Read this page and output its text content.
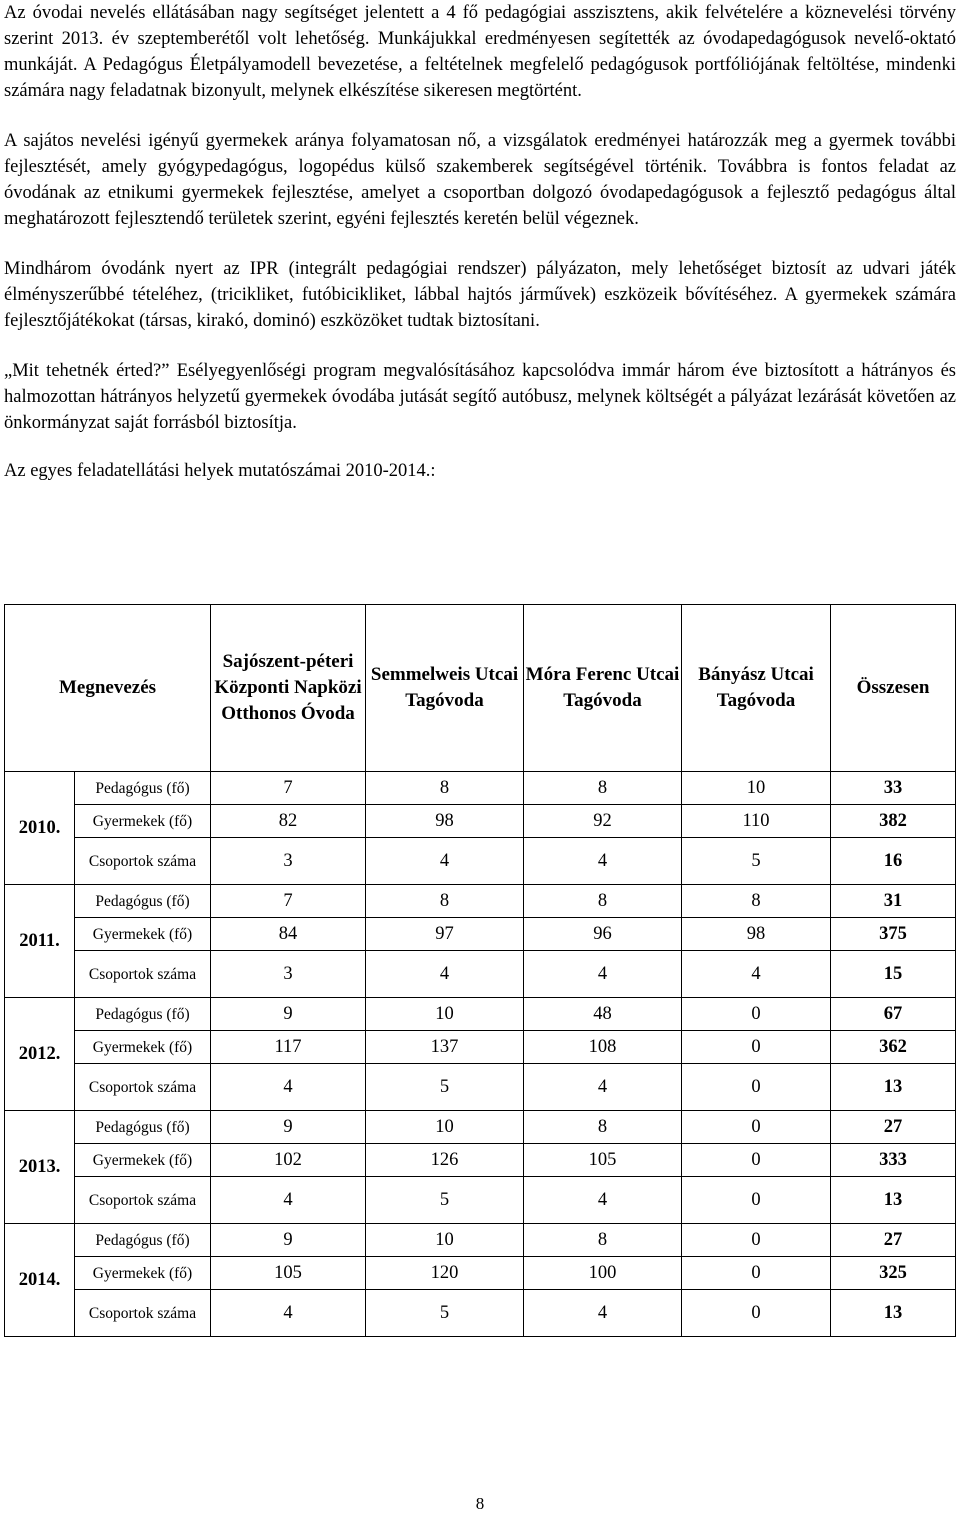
Az óvodai nevelés ellátásában nagy segítséget jelentett a 4 fő pedagógiai asszisztens, akik felvételére a köznevelési törvény szerint 2013. év szeptemberétől volt lehetőség. Munkájukkal eredményesen segítették az óvodapedagógusok nevelő-oktató munkáját. A Pedagógus Életpályamodell bevezetése, a feltételnek megfelelő pedagógusok portfóliójának feltöltése, mindenki számára nagy feladatnak bizonyult, melynek elkészítése sikeresen megtörtént.

A sajátos nevelési igényű gyermekek aránya folyamatosan nő, a vizsgálatok eredményei határozzák meg a gyermek további fejlesztését, amely gyógypedagógus, logopédus külső szakemberek segítségével történik. Továbbra is fontos feladat az óvodának az etnikumi gyermekek fejlesztése, amelyet a csoportban dolgozó óvodapedagógusok a fejlesztő pedagógus által meghatározott fejlesztendő területek szerint, egyéni fejlesztés keretén belül végeznek.

Mindhárom óvodánk nyert az IPR (integrált pedagógiai rendszer) pályázaton, mely lehetőséget biztosít az udvari játék élményszerűbbé tételéhez, (tricikliket, futóbicikliket, lábbal hajtós járművek) eszközeik bővítéséhez. A gyermekek számára fejlesztőjátékokat (társas, kirakó, dominó) eszközöket tudtak biztosítani.

„Mit tehetnék érted?” Esélyegyenlőségi program megvalósításához kapcsolódva immár három éve biztosított a hátrányos és halmozottan hátrányos helyzetű gyermekek óvodába jutását segítő autóbusz, melynek költségét a pályázat lezárását követően az önkormányzat saját forrásból biztosítja.

Az egyes feladatellátási helyek mutatószámai 2010-2014.:

Megnevezés		Sajószent-péteri Központi Napközi Otthonos Óvoda	Semmelweis Utcai Tagóvoda	Móra Ferenc Utcai Tagóvoda	Bányász Utcai Tagóvoda	Összesen
2010.	Pedagógus (fő)	7	8	8	10	33
	Gyermekek (fő)	82	98	92	110	382
	Csoportok száma	3	4	4	5	16
2011.	Pedagógus (fő)	7	8	8	8	31
	Gyermekek (fő)	84	97	96	98	375
	Csoportok száma	3	4	4	4	15
2012.	Pedagógus (fő)	9	10	48	0	67
	Gyermekek (fő)	117	137	108	0	362
	Csoportok száma	4	5	4	0	13
2013.	Pedagógus (fő)	9	10	8	0	27
	Gyermekek (fő)	102	126	105	0	333
	Csoportok száma	4	5	4	0	13
2014.	Pedagógus (fő)	9	10	8	0	27
	Gyermekek (fő)	105	120	100	0	325
	Csoportok száma	4	5	4	0	13
8
